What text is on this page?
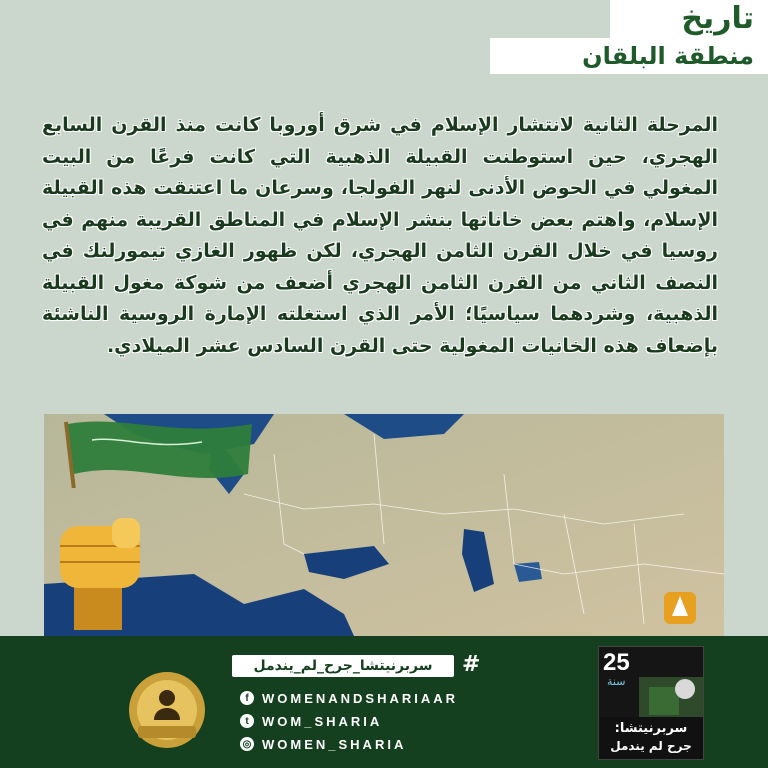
تاريخ
منطقة البلقان
المرحلة الثانية لانتشار الإسلام في شرق أوروبا كانت منذ القرن السابع الهجري، حين استوطنت القبيلة الذهبية التي كانت فرعًا من البيت المغولي في الحوض الأدنى لنهر الفولجا، وسرعان ما اعتنقت هذه القبيلة الإسلام، واهتم بعض خاناتها بنشر الإسلام في المناطق القريبة منهم في روسيا في خلال القرن الثامن الهجري، لكن ظهور الغازي تيمورلنك في النصف الثاني من القرن الثامن الهجري أضعف من شوكة مغول القبيلة الذهبية، وشردهما سياسيًا؛ الأمر الذي استغلته الإمارة الروسية الناشئة بإضعاف هذه الخانيات المغولية حتى القرن السادس عشر الميلادي.
سربرنيتشا_جرح_لم_يندمل	#
f	WOMENANDSHARIAAR
t	WOM_SHARIA
◎ WOMEN_SHARIA
25
سنة
سربرنيتشا:
جرح لم يندمل
